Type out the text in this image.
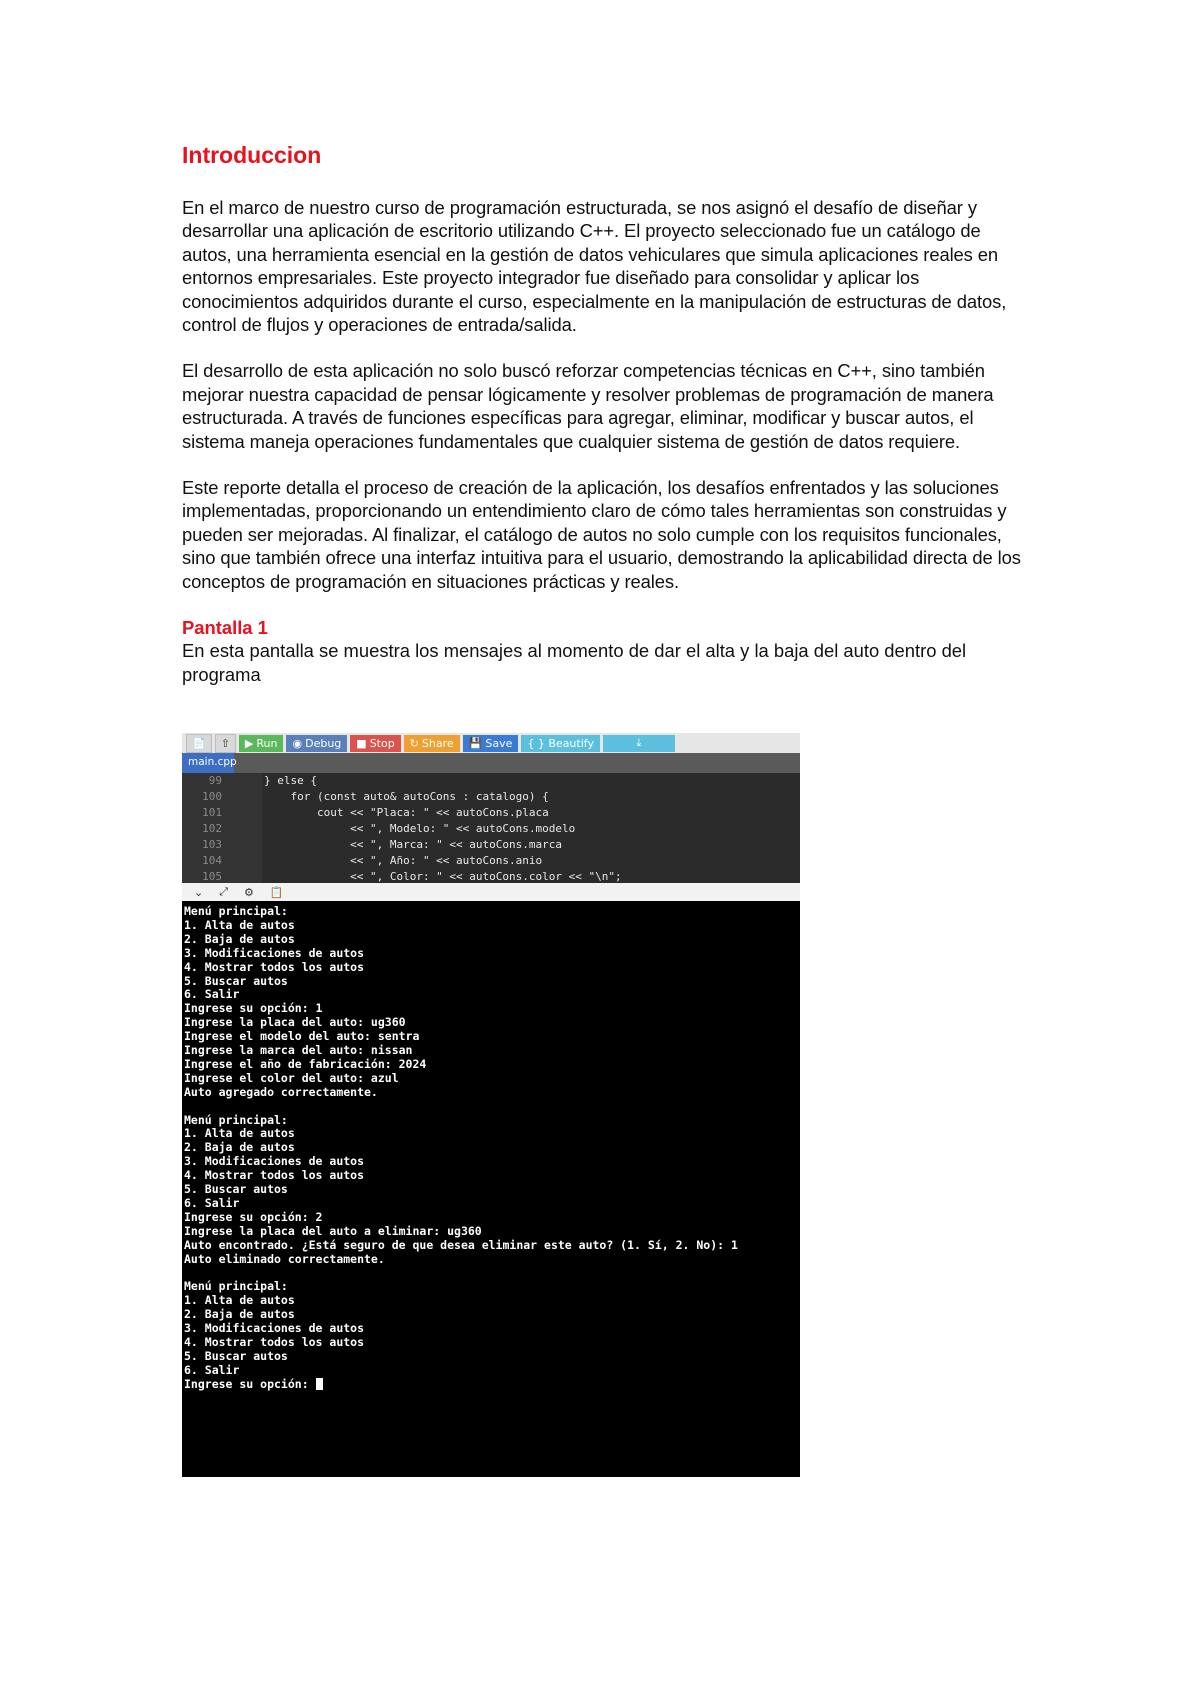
Introduccion

En el marco de nuestro curso de programación estructurada, se nos asignó el desafío de diseñar y desarrollar una aplicación de escritorio utilizando C++. El proyecto seleccionado fue un catálogo de autos, una herramienta esencial en la gestión de datos vehiculares que simula aplicaciones reales en entornos empresariales. Este proyecto integrador fue diseñado para consolidar y aplicar los conocimientos adquiridos durante el curso, especialmente en la manipulación de estructuras de datos, control de flujos y operaciones de entrada/salida.

El desarrollo de esta aplicación no solo buscó reforzar competencias técnicas en C++, sino también mejorar nuestra capacidad de pensar lógicamente y resolver problemas de programación de manera estructurada. A través de funciones específicas para agregar, eliminar, modificar y buscar autos, el sistema maneja operaciones fundamentales que cualquier sistema de gestión de datos requiere.

Este reporte detalla el proceso de creación de la aplicación, los desafíos enfrentados y las soluciones implementadas, proporcionando un entendimiento claro de cómo tales herramientas son construidas y pueden ser mejoradas. Al finalizar, el catálogo de autos no solo cumple con los requisitos funcionales, sino que también ofrece una interfaz intuitiva para el usuario, demostrando la aplicabilidad directa de los conceptos de programación en situaciones prácticas y reales.

Pantalla 1

En esta pantalla se muestra los mensajes al momento de dar el alta y la baja del auto dentro del programa

📄	⇧	▶ Run ◉ Debug ■ Stop ↻ Share 💾 Save	{ } Beautify	⤓
main.cpp
99	} else {
100	for (const auto& autoCons : catalogo) {
101	cout << "Placa: " << autoCons.placa
102	<< ", Modelo: " << autoCons.modelo
103	<< ", Marca: " << autoCons.marca
104	<< ", Año: " << autoCons.anio
105	<< ", Color: " << autoCons.color << "\n";
⌄ ⤢ ⚙ 📋
Menú principal:
1. Alta de autos
2. Baja de autos
3. Modificaciones de autos
4. Mostrar todos los autos
5. Buscar autos
6. Salir
Ingrese su opción: 1
Ingrese la placa del auto: ug360
Ingrese el modelo del auto: sentra
Ingrese la marca del auto: nissan
Ingrese el año de fabricación: 2024
Ingrese el color del auto: azul
Auto agregado correctamente.
Menú principal:
1. Alta de autos
2. Baja de autos
3. Modificaciones de autos
4. Mostrar todos los autos
5. Buscar autos
6. Salir
Ingrese su opción: 2
Ingrese la placa del auto a eliminar: ug360
Auto encontrado. ¿Está seguro de que desea eliminar este auto? (1. Sí, 2. No): 1
Auto eliminado correctamente.
Menú principal:
1. Alta de autos
2. Baja de autos
3. Modificaciones de autos
4. Mostrar todos los autos
5. Buscar autos
6. Salir
Ingrese su opción:
